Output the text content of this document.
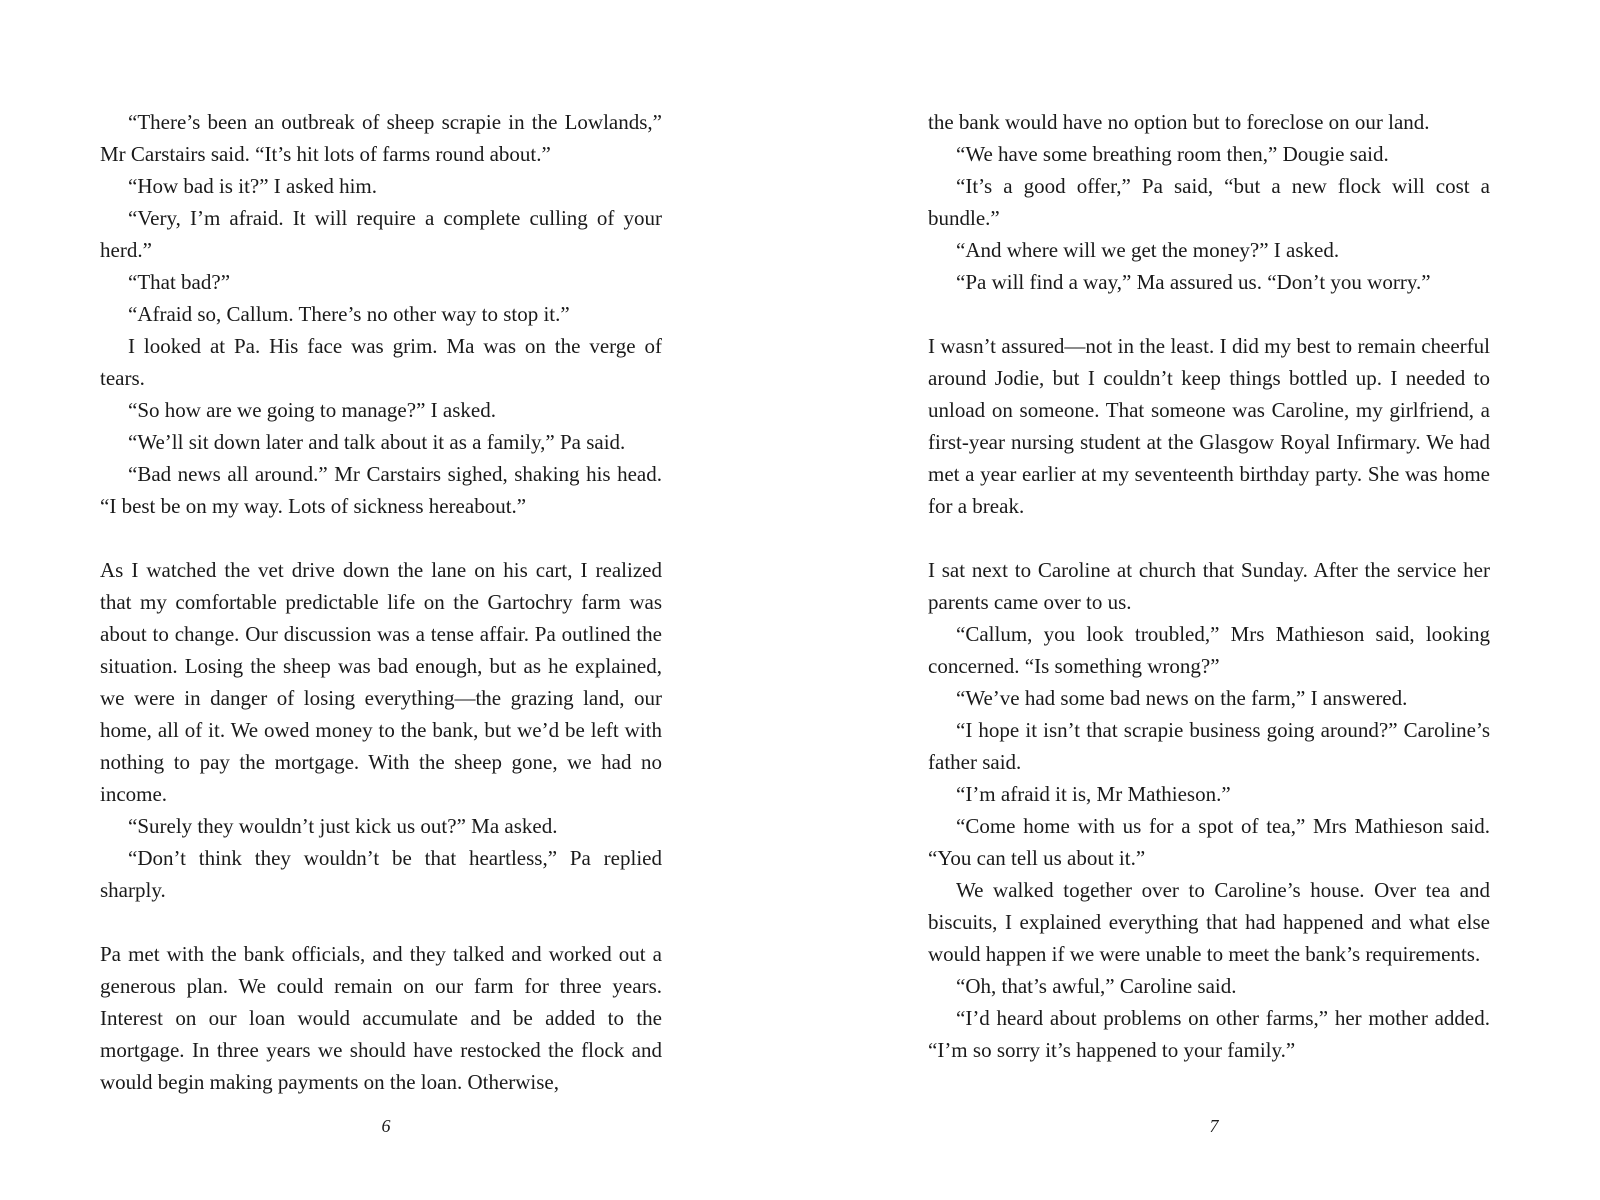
“There’s been an outbreak of sheep scrapie in the Lowlands,” Mr Carstairs said. “It’s hit lots of farms round about.”

“How bad is it?” I asked him.

“Very, I’m afraid. It will require a complete culling of your herd.”

“That bad?”

“Afraid so, Callum. There’s no other way to stop it.”

I looked at Pa. His face was grim. Ma was on the verge of tears.

“So how are we going to manage?” I asked.

“We’ll sit down later and talk about it as a family,” Pa said.

“Bad news all around.” Mr Carstairs sighed, shaking his head. “I best be on my way. Lots of sickness hereabout.”

As I watched the vet drive down the lane on his cart, I realized that my comfortable predictable life on the Gartochry farm was about to change. Our discussion was a tense affair. Pa outlined the situation. Losing the sheep was bad enough, but as he explained, we were in danger of losing everything—the grazing land, our home, all of it. We owed money to the bank, but we’d be left with nothing to pay the mortgage. With the sheep gone, we had no income.

“Surely they wouldn’t just kick us out?” Ma asked.

“Don’t think they wouldn’t be that heartless,” Pa replied sharply.

Pa met with the bank officials, and they talked and worked out a generous plan. We could remain on our farm for three years. Interest on our loan would accumulate and be added to the mortgage. In three years we should have restocked the flock and would begin making payments on the loan. Otherwise,

6

the bank would have no option but to foreclose on our land.

“We have some breathing room then,” Dougie said.

“It’s a good offer,” Pa said, “but a new flock will cost a bundle.”

“And where will we get the money?” I asked.

“Pa will find a way,” Ma assured us. “Don’t you worry.”

I wasn’t assured—not in the least. I did my best to remain cheerful around Jodie, but I couldn’t keep things bottled up. I needed to unload on someone. That someone was Caroline, my girlfriend, a first-year nursing student at the Glasgow Royal Infirmary. We had met a year earlier at my seventeenth birthday party. She was home for a break.

I sat next to Caroline at church that Sunday. After the service her parents came over to us.

“Callum, you look troubled,” Mrs Mathieson said, looking concerned. “Is something wrong?”

“We’ve had some bad news on the farm,” I answered.

“I hope it isn’t that scrapie business going around?” Caroline’s father said.

“I’m afraid it is, Mr Mathieson.”

“Come home with us for a spot of tea,” Mrs Mathieson said. “You can tell us about it.”

We walked together over to Caroline’s house. Over tea and biscuits, I explained everything that had happened and what else would happen if we were unable to meet the bank’s requirements.

“Oh, that’s awful,” Caroline said.

“I’d heard about problems on other farms,” her mother added. “I’m so sorry it’s happened to your family.”

7
